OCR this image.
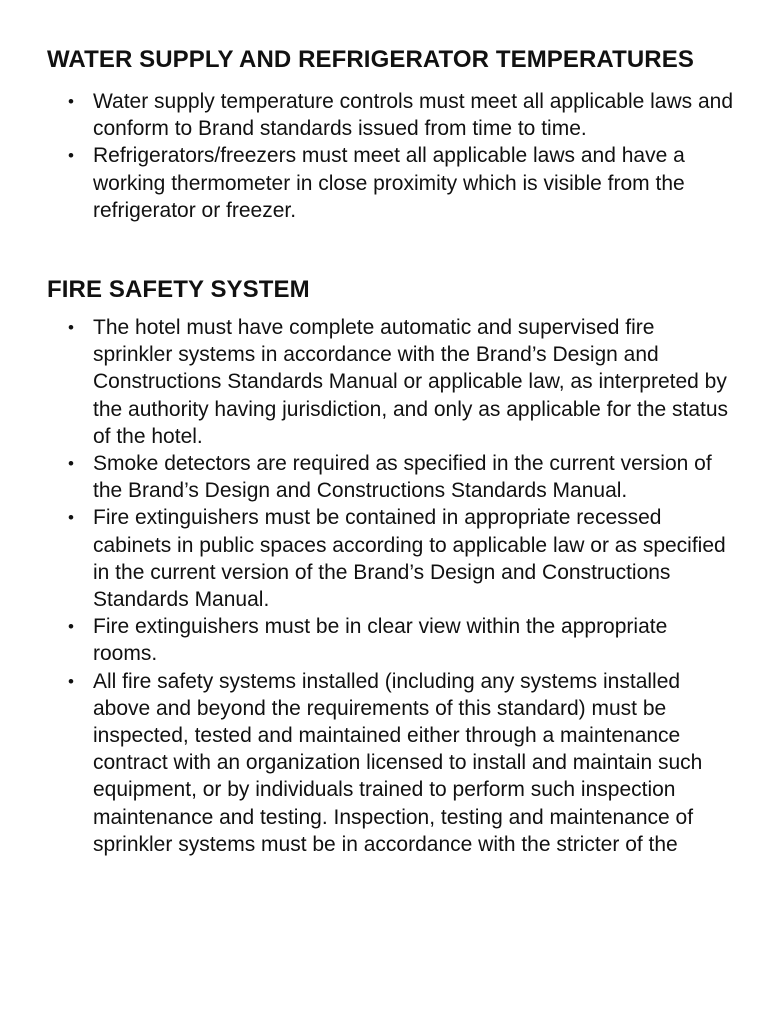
WATER SUPPLY AND REFRIGERATOR TEMPERATURES
• Water supply temperature controls must meet all applicable laws and conform to Brand standards issued from time to time.
• Refrigerators/freezers must meet all applicable laws and have a working thermometer in close proximity which is visible from the refrigerator or freezer.
FIRE SAFETY SYSTEM
• The hotel must have complete automatic and supervised fire sprinkler systems in accordance with the Brand’s Design and Constructions Standards Manual or applicable law, as interpreted by the authority having jurisdiction, and only as applicable for the status of the hotel.
• Smoke detectors are required as specified in the current version of the Brand’s Design and Constructions Standards Manual.
• Fire extinguishers must be contained in appropriate recessed cabinets in public spaces according to applicable law or as specified in the current version of the Brand’s Design and Constructions Standards Manual.
• Fire extinguishers must be in clear view within the appropriate rooms.
• All fire safety systems installed (including any systems installed above and beyond the requirements of this standard) must be inspected, tested and maintained either through a maintenance contract with an organization licensed to install and maintain such equipment, or by individuals trained to perform such inspection maintenance and testing. Inspection, testing and maintenance of sprinkler systems must be in accordance with the stricter of the
